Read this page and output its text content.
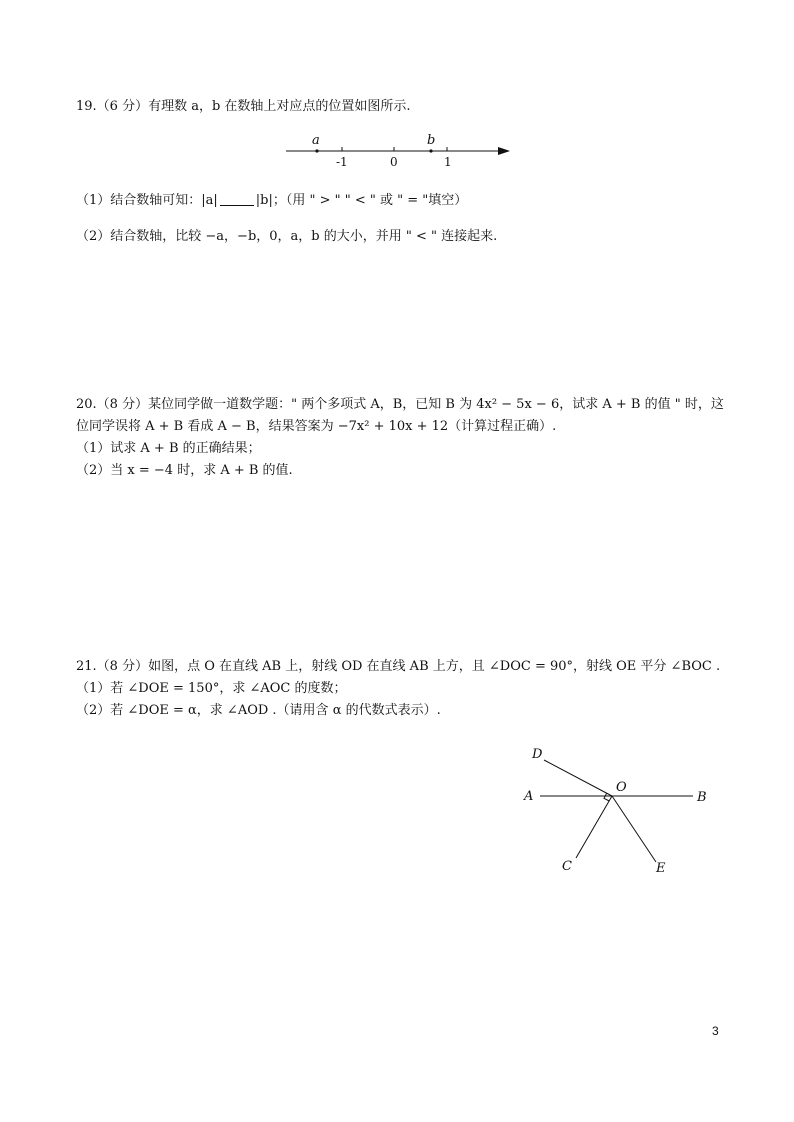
19.（6 分）有理数 a，b 在数轴上对应点的位置如图所示.
a	b
-1	0	1
（1）结合数轴可知：|a|	|b|；（用 " > " " < " 或 " = "填空）
（2）结合数轴，比较 −a，−b，0，a，b 的大小，并用 " < " 连接起来.
20.（8 分）某位同学做一道数学题：" 两个多项式 A，B，已知 B 为 4x² − 5x − 6，试求 A + B 的值 " 时，这
位同学误将 A + B 看成 A − B，结果答案为 −7x² + 10x + 12（计算过程正确）.
（1）试求 A + B 的正确结果；
（2）当 x = −4 时，求 A + B 的值.
21.（8 分）如图，点 O 在直线 AB 上，射线 OD 在直线 AB 上方，且 ∠DOC = 90°，射线 OE 平分 ∠BOC .
（1）若 ∠DOE = 150°，求 ∠AOC 的度数；
（2）若 ∠DOE = α，求 ∠AOD .（请用含 α 的代数式表示）.
D
O
A	B
C	E
3
